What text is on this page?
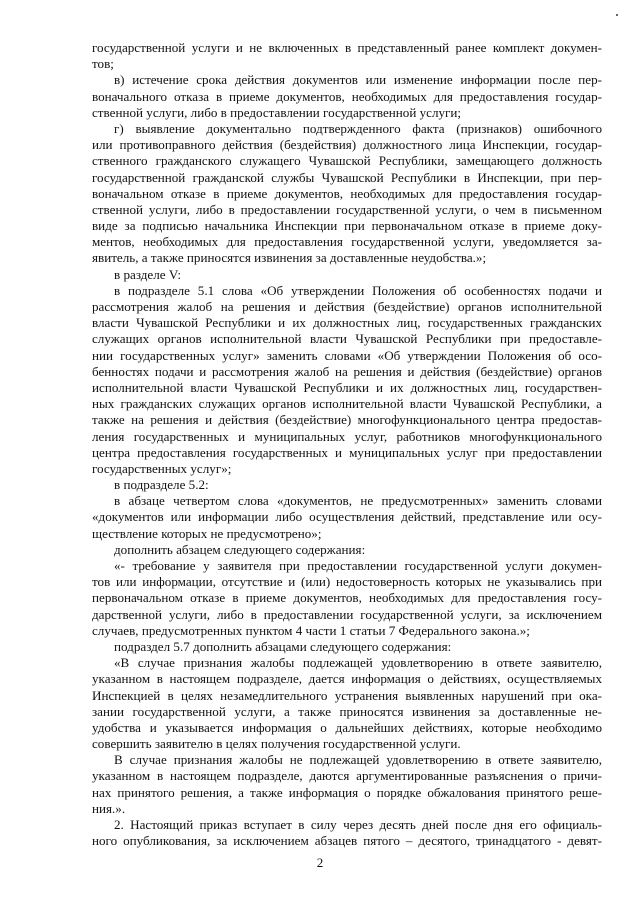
государственной услуги и не включенных в представленный ранее комплект докумен-
тов;
в) истечение срока действия документов или изменение информации после пер-
воначального отказа в приеме документов, необходимых для предоставления государ-
ственной услуги, либо в предоставлении государственной услуги;
г) выявление документально подтвержденного факта (признаков) ошибочного
или противоправного действия (бездействия) должностного лица Инспекции, государ-
ственного гражданского служащего Чувашской Республики, замещающего должность
государственной гражданской службы Чувашской Республики в Инспекции, при пер-
воначальном отказе в приеме документов, необходимых для предоставления государ-
ственной услуги, либо в предоставлении государственной услуги, о чем в письменном
виде за подписью начальника Инспекции при первоначальном отказе в приеме доку-
ментов, необходимых для предоставления государственной услуги, уведомляется за-
явитель, а также приносятся извинения за доставленные неудобства.»;
в разделе V:
в подразделе 5.1 слова «Об утверждении Положения об особенностях подачи и
рассмотрения жалоб на решения и действия (бездействие) органов исполнительной
власти Чувашской Республики и их должностных лиц, государственных гражданских
служащих органов исполнительной власти Чувашской Республики при предоставле-
нии государственных услуг» заменить словами «Об утверждении Положения об осо-
бенностях подачи и рассмотрения жалоб на решения и действия (бездействие) органов
исполнительной власти Чувашской Республики и их должностных лиц, государствен-
ных гражданских служащих органов исполнительной власти Чувашской Республики, а
также на решения и действия (бездействие) многофункционального центра предостав-
ления государственных и муниципальных услуг, работников многофункционального
центра предоставления государственных и муниципальных услуг при предоставлении
государственных услуг»;
в подразделе 5.2:
в абзаце четвертом слова «документов, не предусмотренных» заменить словами
«документов или информации либо осуществления действий, представление или осу-
ществление которых не предусмотрено»;
дополнить абзацем следующего содержания:
«- требование у заявителя при предоставлении государственной услуги докумен-
тов или информации, отсутствие и (или) недостоверность которых не указывались при
первоначальном отказе в приеме документов, необходимых для предоставления госу-
дарственной услуги, либо в предоставлении государственной услуги, за исключением
случаев, предусмотренных пунктом 4 части 1 статьи 7 Федерального закона.»;
подраздел 5.7 дополнить абзацами следующего содержания:
«В случае признания жалобы подлежащей удовлетворению в ответе заявителю,
указанном в настоящем подразделе, дается информация о действиях, осуществляемых
Инспекцией в целях незамедлительного устранения выявленных нарушений при ока-
зании государственной услуги, а также приносятся извинения за доставленные не-
удобства и указывается информация о дальнейших действиях, которые необходимо
совершить заявителю в целях получения государственной услуги.
В случае признания жалобы не подлежащей удовлетворению в ответе заявителю,
указанном в настоящем подразделе, даются аргументированные разъяснения о причи-
нах принятого решения, а также информация о порядке обжалования принятого реше-
ния.».
2. Настоящий приказ вступает в силу через десять дней после дня его официаль-
ного опубликования, за исключением абзацев пятого – десятого, тринадцатого - девят-
2
